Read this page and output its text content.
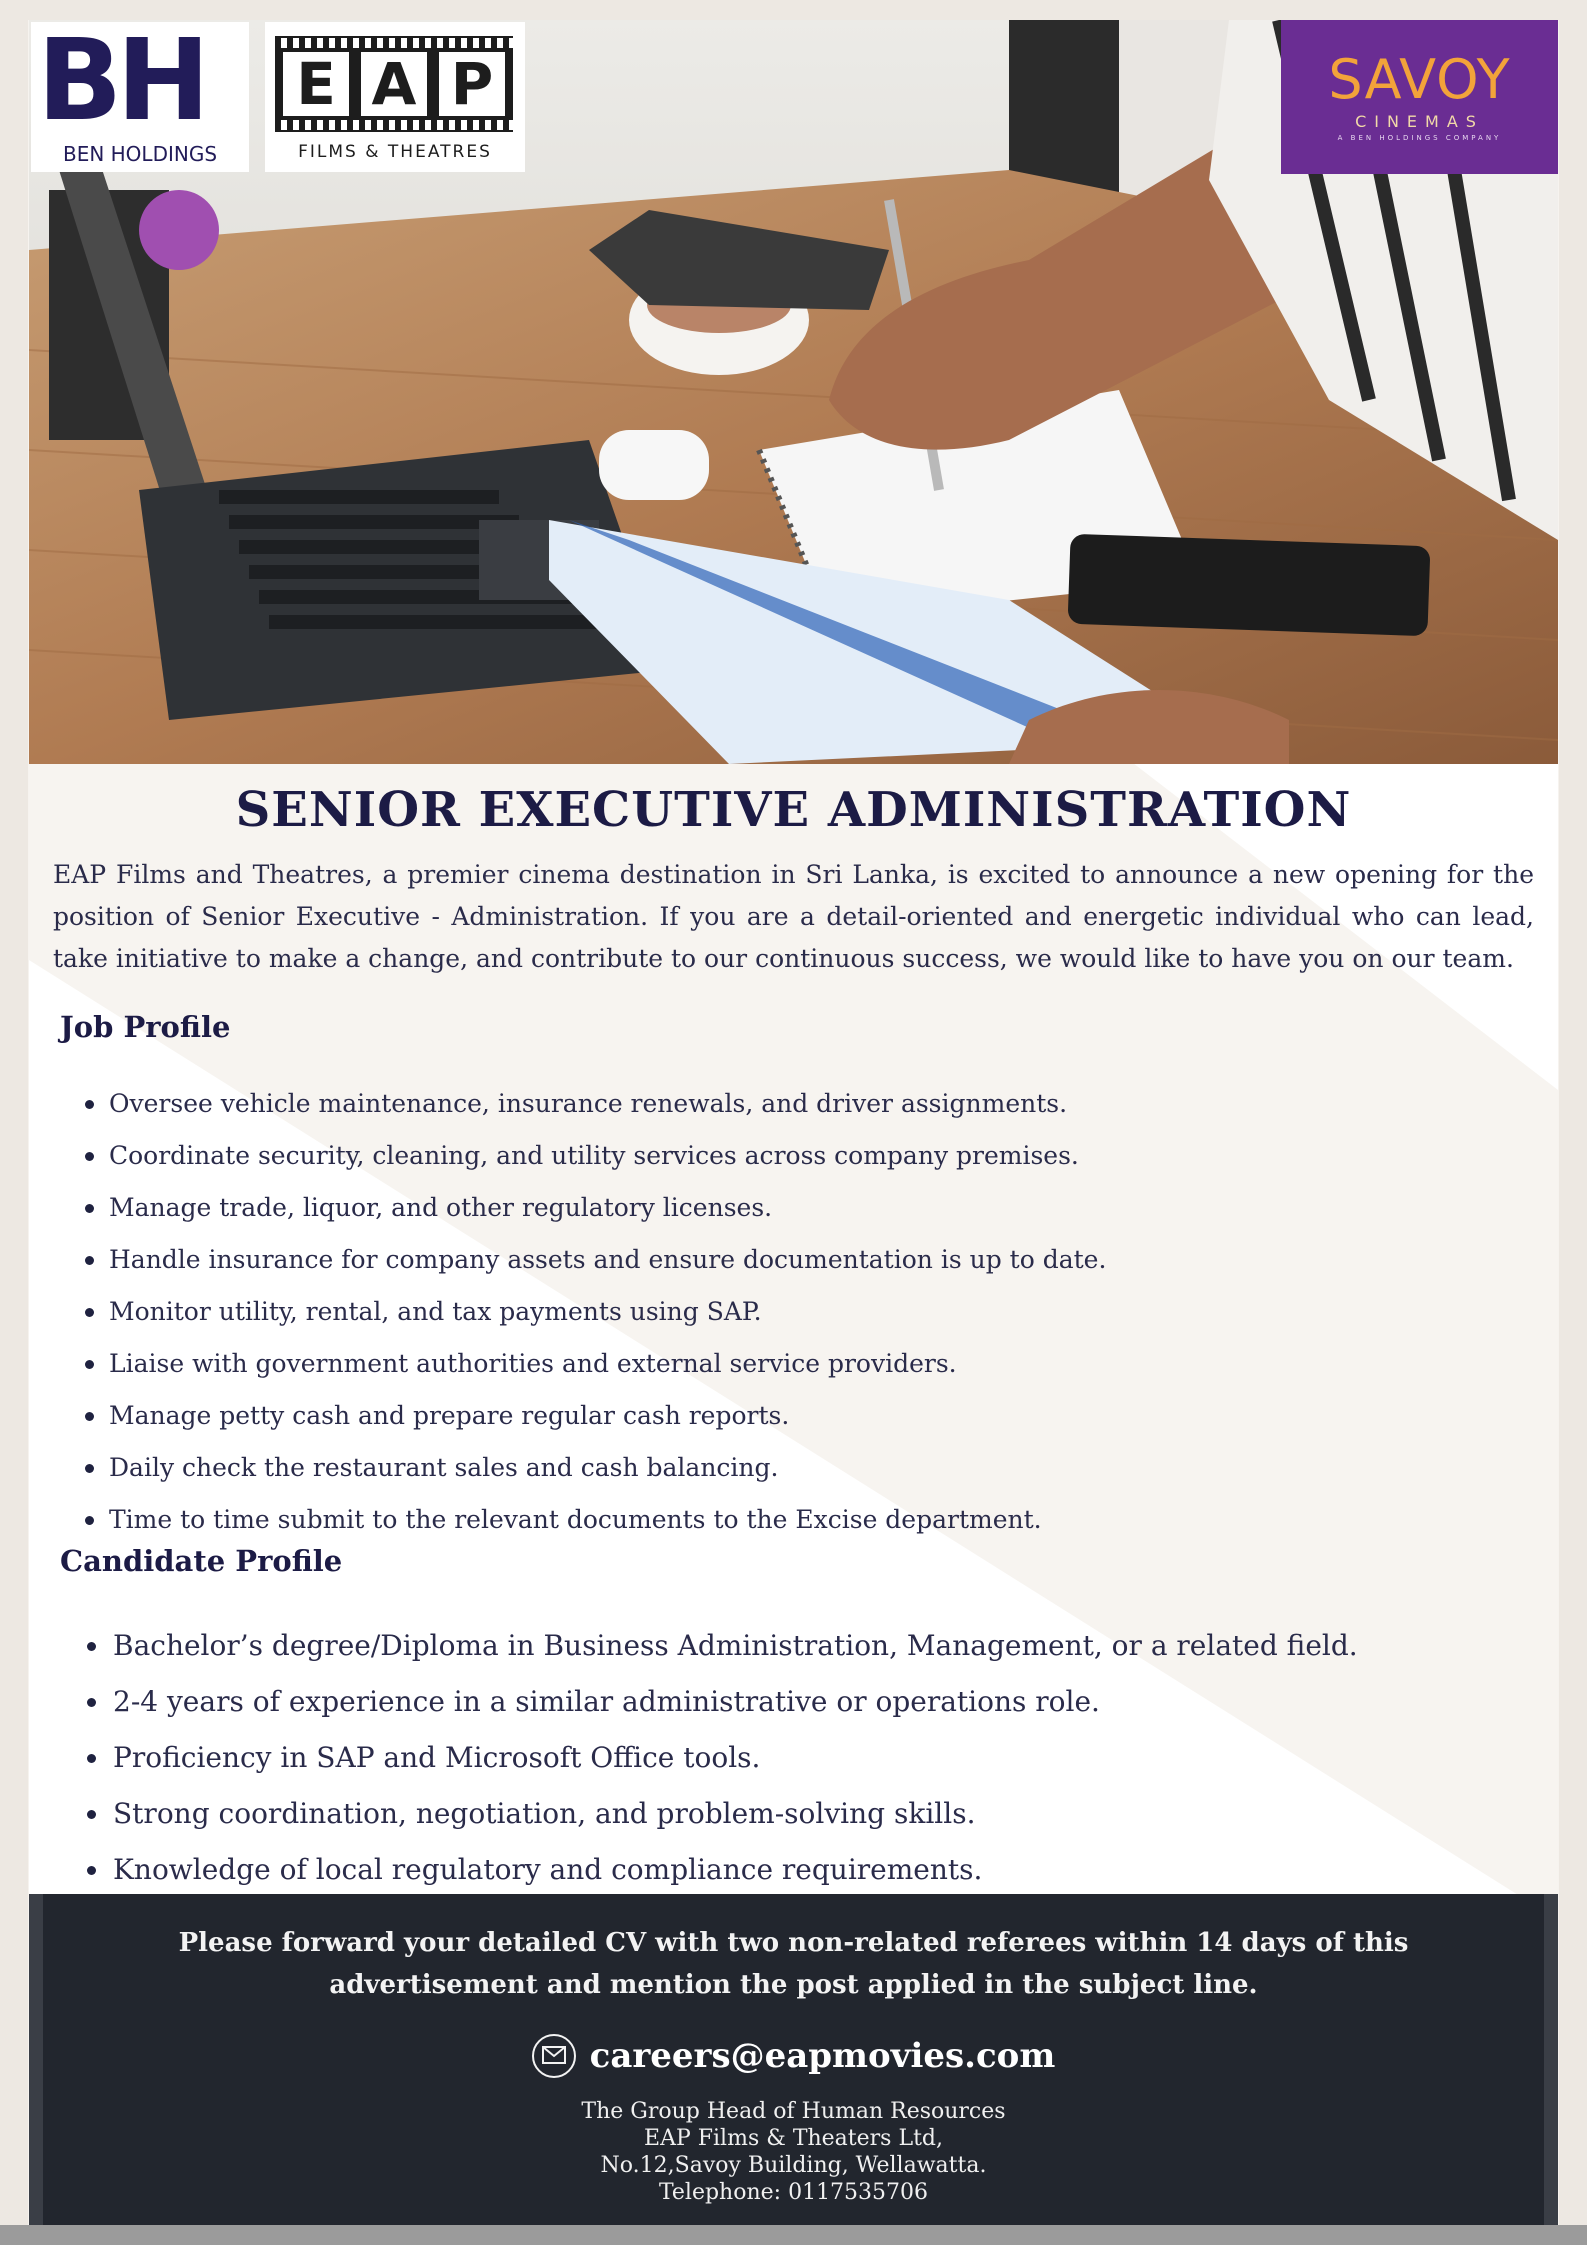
BH
BEN HOLDINGS
E A P
FILMS & THEATRES
SAVOY
CINEMAS
A BEN HOLDINGS COMPANY
SENIOR EXECUTIVE ADMINISTRATION
EAP Films and Theatres, a premier cinema destination in Sri Lanka, is excited to announce a new opening for the position of Senior Executive - Administration. If you are a detail-oriented and energetic individual who can lead, take initiative to make a change, and contribute to our continuous success, we would like to have you on our team.
Job Profile
Oversee vehicle maintenance, insurance renewals, and driver assignments.
Coordinate security, cleaning, and utility services across company premises.
Manage trade, liquor, and other regulatory licenses.
Handle insurance for company assets and ensure documentation is up to date.
Monitor utility, rental, and tax payments using SAP.
Liaise with government authorities and external service providers.
Manage petty cash and prepare regular cash reports.
Daily check the restaurant sales and cash balancing.
Time to time submit to the relevant documents to the Excise department.
Candidate Profile
Bachelor’s degree/Diploma in Business Administration, Management, or a related field.
2-4 years of experience in a similar administrative or operations role.
Proficiency in SAP and Microsoft Office tools.
Strong coordination, negotiation, and problem-solving skills.
Knowledge of local regulatory and compliance requirements.
Please forward your detailed CV with two non-related referees within 14 days of this advertisement and mention the post applied in the subject line.
careers@eapmovies.com
The Group Head of Human Resources
EAP Films & Theaters Ltd,
No.12,Savoy Building, Wellawatta.
Telephone: 0117535706
